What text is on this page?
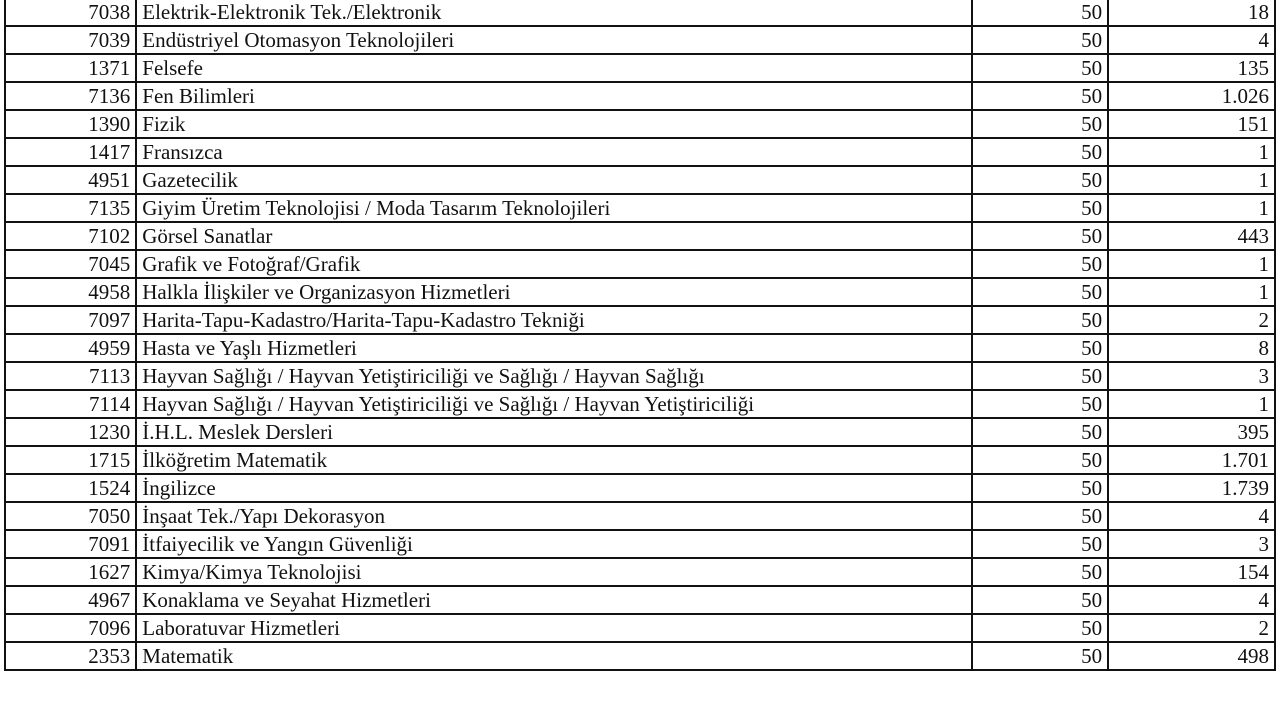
7038	Elektrik-Elektronik Tek./Elektronik	50	18
7039	Endüstriyel Otomasyon Teknolojileri	50	4
1371	Felsefe	50	135
7136	Fen Bilimleri	50	1.026
1390	Fizik	50	151
1417	Fransızca	50	1
4951	Gazetecilik	50	1
7135	Giyim Üretim Teknolojisi / Moda Tasarım Teknolojileri	50	1
7102	Görsel Sanatlar	50	443
7045	Grafik ve Fotoğraf/Grafik	50	1
4958	Halkla İlişkiler ve Organizasyon Hizmetleri	50	1
7097	Harita-Tapu-Kadastro/Harita-Tapu-Kadastro Tekniği	50	2
4959	Hasta ve Yaşlı Hizmetleri	50	8
7113	Hayvan Sağlığı / Hayvan Yetiştiriciliği ve Sağlığı / Hayvan Sağlığı	50	3
7114	Hayvan Sağlığı / Hayvan Yetiştiriciliği ve Sağlığı / Hayvan Yetiştiriciliği	50	1
1230	İ.H.L. Meslek Dersleri	50	395
1715	İlköğretim Matematik	50	1.701
1524	İngilizce	50	1.739
7050	İnşaat Tek./Yapı Dekorasyon	50	4
7091	İtfaiyecilik ve Yangın Güvenliği	50	3
1627	Kimya/Kimya Teknolojisi	50	154
4967	Konaklama ve Seyahat Hizmetleri	50	4
7096	Laboratuvar Hizmetleri	50	2
2353	Matematik	50	498
